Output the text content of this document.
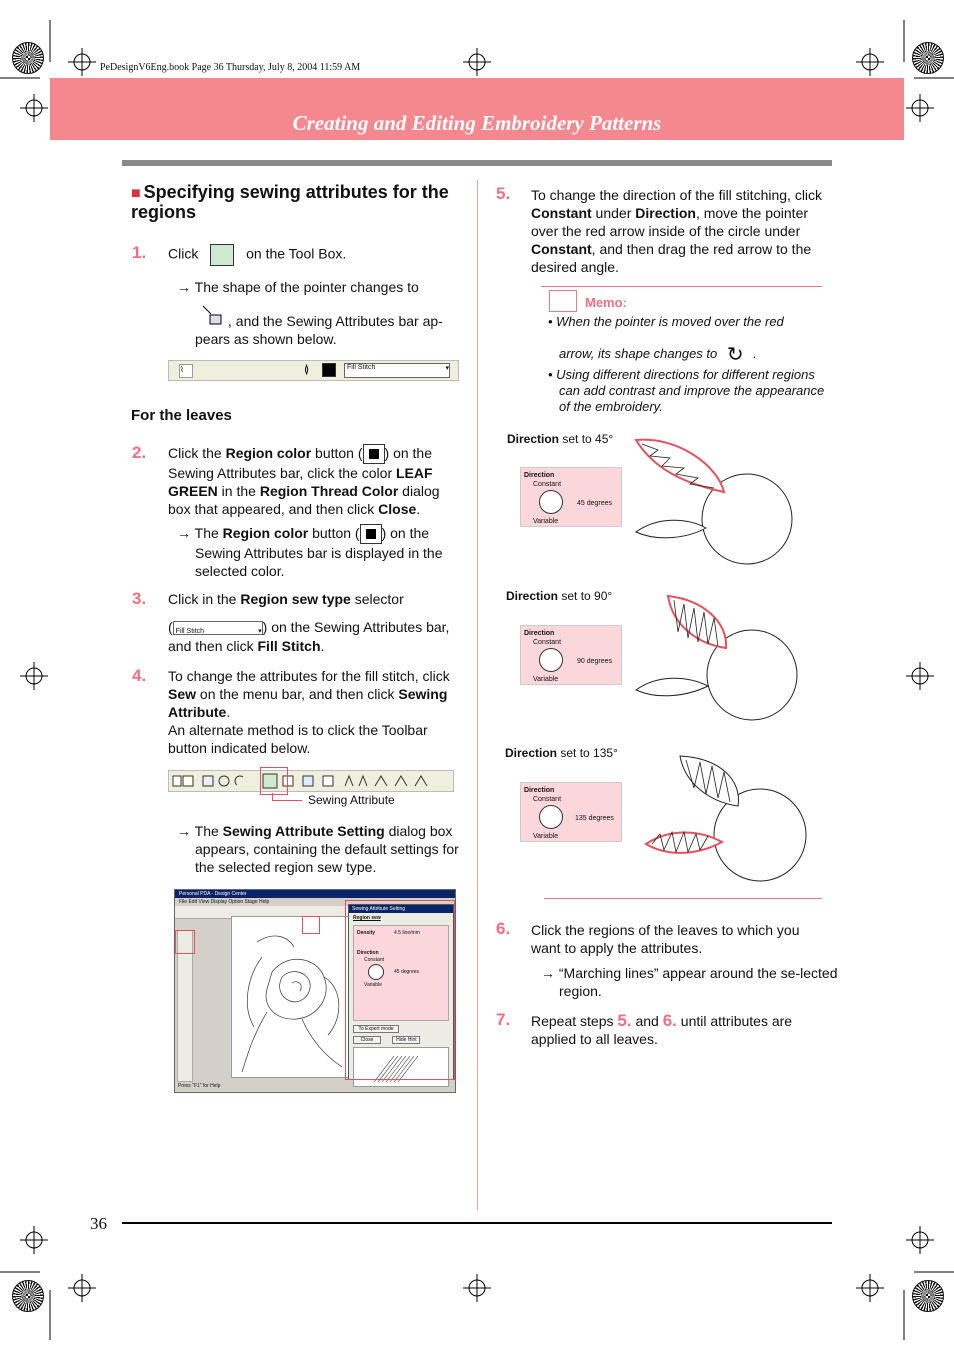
PeDesignV6Eng.book Page 36 Thursday, July 8, 2004 11:59 AM
Creating and Editing Embroidery Patterns
■ Specifying sewing attributes for the regions
1. Click	on the Tool Box.
→ The shape of the pointer changes to
, and the Sewing Attributes bar ap-pears as shown below.
⌇	≬	Fill Stitch	▾
For the leaves
2. Click the Region color button ( ) on the Sewing Attributes bar, click the color LEAF GREEN in the Region Thread Color dialog box that appeared, and then click Close.
→ The Region color button ( ) on the Sewing Attributes bar is displayed in the selected color.
3. Click in the Region sew type selector
( Fill Stitch	▾ ) on the Sewing Attributes bar, and then click Fill Stitch.
4. To change the attributes for the fill stitch, click Sew on the menu bar, and then click Sewing Attribute.
An alternate method is to click the Toolbar button indicated below.
Sewing Attribute
→ The Sewing Attribute Setting dialog box appears, containing the default settings for the selected region sew type.
Personal PDA - Design Center
File Edit View Display Option Stage Help
Press "F1" for Help
Sewing Attribute Setting
Region sew
Density	4.5 line/mm
Direction
Constant
45 degrees
Variable
To Expert mode
Close	Hide Hint
5. To change the direction of the fill stitching, click Constant under Direction, move the pointer over the red arrow inside of the circle under Constant, and then drag the red arrow to the desired angle.
Memo:
• When the pointer is moved over the red
arrow, its shape changes to ↻ .
• Using different directions for different regions can add contrast and improve the appearance of the embroidery.
Direction set to 45°
Direction
Constant
45 degrees
Variable
Direction set to 90°
Direction
Constant
90 degrees
Variable
Direction set to 135°
Direction
Constant
135 degrees
Variable
6. Click the regions of the leaves to which you want to apply the attributes.
→ “Marching lines” appear around the se-lected region.
7. Repeat steps 5. and 6. until attributes are applied to all leaves.
36
